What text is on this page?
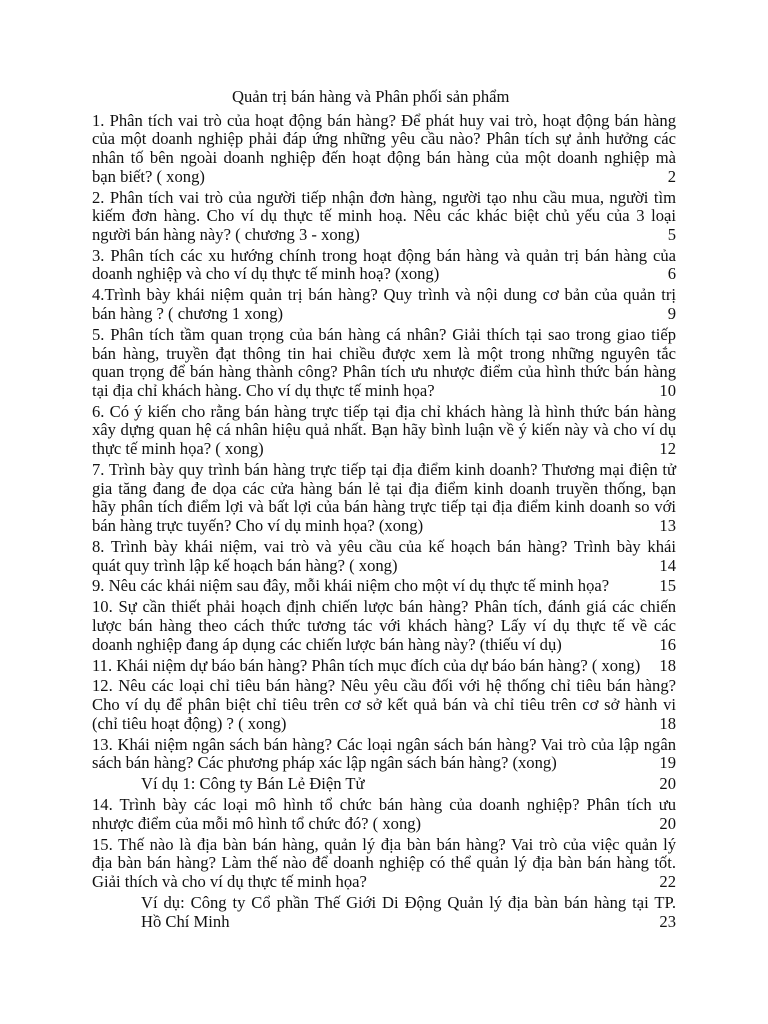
Quản trị bán hàng và Phân phối sản phẩm
1. Phân tích vai trò của hoạt động bán hàng? Để phát huy vai trò, hoạt động bán hàng
của một doanh nghiệp phải đáp ứng những yêu cầu nào? Phân tích sự ảnh hưởng các
nhân tố bên ngoài doanh nghiệp đến hoạt động bán hàng của một doanh nghiệp mà
bạn biết? ( xong)	2
2. Phân tích vai trò của người tiếp nhận đơn hàng, người tạo nhu cầu mua, người tìm
kiếm đơn hàng. Cho ví dụ thực tế minh hoạ. Nêu các khác biệt chủ yếu của 3 loại
người bán hàng này? ( chương 3 - xong)	5
3. Phân tích các xu hướng chính trong hoạt động bán hàng và quản trị bán hàng của
doanh nghiệp và cho ví dụ thực tế minh hoạ? (xong)	6
4.Trình bày khái niệm quản trị bán hàng? Quy trình và nội dung cơ bản của quản trị
bán hàng ? ( chương 1 xong)	9
5. Phân tích tầm quan trọng của bán hàng cá nhân? Giải thích tại sao trong giao tiếp
bán hàng, truyền đạt thông tin hai chiều được xem là một trong những nguyên tắc
quan trọng để bán hàng thành công? Phân tích ưu nhược điểm của hình thức bán hàng
tại địa chỉ khách hàng. Cho ví dụ thực tế minh họa?	10
6. Có ý kiến cho rằng bán hàng trực tiếp tại địa chỉ khách hàng là hình thức bán hàng
xây dựng quan hệ cá nhân hiệu quả nhất. Bạn hãy bình luận về ý kiến này và cho ví dụ
thực tế minh họa? ( xong)	12
7. Trình bày quy trình bán hàng trực tiếp tại địa điểm kinh doanh? Thương mại điện tử
gia tăng đang đe dọa các cửa hàng bán lẻ tại địa điểm kinh doanh truyền thống, bạn
hãy phân tích điểm lợi và bất lợi của bán hàng trực tiếp tại địa điểm kinh doanh so với
bán hàng trực tuyến? Cho ví dụ minh họa? (xong)	13
8. Trình bày khái niệm, vai trò và yêu cầu của kế hoạch bán hàng? Trình bày khái
quát quy trình lập kế hoạch bán hàng? ( xong)	14
9. Nêu các khái niệm sau đây, mỗi khái niệm cho một ví dụ thực tế minh họa?	15
10. Sự cần thiết phải hoạch định chiến lược bán hàng? Phân tích, đánh giá các chiến
lược bán hàng theo cách thức tương tác với khách hàng? Lấy ví dụ thực tế về các
doanh nghiệp đang áp dụng các chiến lược bán hàng này? (thiếu ví dụ)	16
11. Khái niệm dự báo bán hàng? Phân tích mục đích của dự báo bán hàng? ( xong)	18
12. Nêu các loại chỉ tiêu bán hàng? Nêu yêu cầu đối với hệ thống chỉ tiêu bán hàng?
Cho ví dụ để phân biệt chỉ tiêu trên cơ sở kết quả bán và chỉ tiêu trên cơ sở hành vi
(chỉ tiêu hoạt động) ? ( xong)	18
13. Khái niệm ngân sách bán hàng? Các loại ngân sách bán hàng? Vai trò của lập ngân
sách bán hàng? Các phương pháp xác lập ngân sách bán hàng? (xong)	19
Ví dụ 1: Công ty Bán Lẻ Điện Tử	20
14. Trình bày các loại mô hình tổ chức bán hàng của doanh nghiệp? Phân tích ưu
nhược điểm của mỗi mô hình tổ chức đó? ( xong)	20
15. Thế nào là địa bàn bán hàng, quản lý địa bàn bán hàng? Vai trò của việc quản lý
địa bàn bán hàng? Làm thế nào để doanh nghiệp có thể quản lý địa bàn bán hàng tốt.
Giải thích và cho ví dụ thực tế minh họa?	22
Ví dụ: Công ty Cổ phần Thế Giới Di Động Quản lý địa bàn bán hàng tại TP.
Hồ Chí Minh	23
